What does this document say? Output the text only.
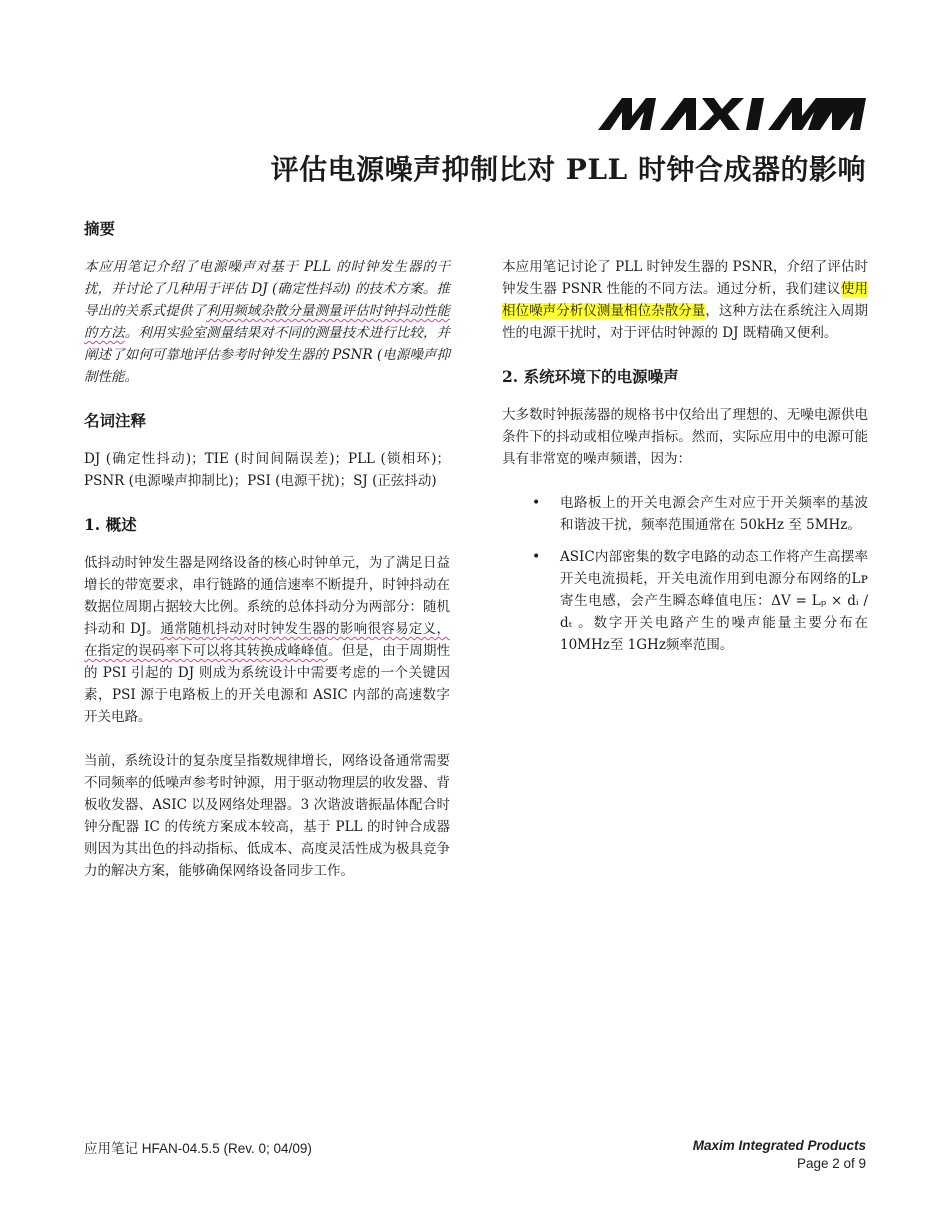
评估电源噪声抑制比对 PLL 时钟合成器的影响
摘要

本应用笔记介绍了电源噪声对基于 PLL 的时钟发生器的干扰，并讨论了几种用于评估 DJ (确定性抖动) 的技术方案。推导出的关系式提供了利用频域杂散分量测量评估时钟抖动性能的方法。利用实验室测量结果对不同的测量技术进行比较，并阐述了如何可靠地评估参考时钟发生器的 PSNR (电源噪声抑制性能。

名词注释

DJ (确定性抖动)；TIE (时间间隔误差)；PLL (锁相环)；PSNR (电源噪声抑制比)；PSI (电源干扰)；SJ (正弦抖动)

1. 概述

低抖动时钟发生器是网络设备的核心时钟单元，为了满足日益增长的带宽要求，串行链路的通信速率不断提升，时钟抖动在数据位周期占据较大比例。系统的总体抖动分为两部分：随机抖动和 DJ。通常随机抖动对时钟发生器的影响很容易定义，在指定的误码率下可以将其转换成峰峰值。但是，由于周期性的 PSI 引起的 DJ 则成为系统设计中需要考虑的一个关键因素，PSI 源于电路板上的开关电源和 ASIC 内部的高速数字开关电路。

当前，系统设计的复杂度呈指数规律增长，网络设备通常需要不同频率的低噪声参考时钟源，用于驱动物理层的收发器、背板收发器、ASIC 以及网络处理器。3 次谐波谐振晶体配合时钟分配器 IC 的传统方案成本较高，基于 PLL 的时钟合成器则因为其出色的抖动指标、低成本、高度灵活性成为极具竞争力的解决方案，能够确保网络设备同步工作。

本应用笔记讨论了 PLL 时钟发生器的 PSNR，介绍了评估时钟发生器 PSNR 性能的不同方法。通过分析，我们建议使用相位噪声分析仪测量相位杂散分量，这种方法在系统注入周期性的电源干扰时，对于评估时钟源的 DJ 既精确又便利。

2. 系统环境下的电源噪声

大多数时钟振荡器的规格书中仅给出了理想的、无噪电源供电条件下的抖动或相位噪声指标。然而，实际应用中的电源可能具有非常宽的噪声频谱，因为：

• 电路板上的开关电源会产生对应于开关频率的基波和谐波干扰，频率范围通常在 50kHz 至 5MHz。
• ASIC内部密集的数字电路的动态工作将产生高摆率开关电流损耗，开关电流作用到电源分布网络的Lᴘ寄生电感，会产生瞬态峰值电压：ΔV = Lₚ × dᵢ / dₜ 。数字开关电路产生的噪声能量主要分布在 10MHz至 1GHz频率范围。
应用笔记 HFAN-04.5.5 (Rev. 0; 04/09)	Maxim Integrated Products
Page 2 of 9
